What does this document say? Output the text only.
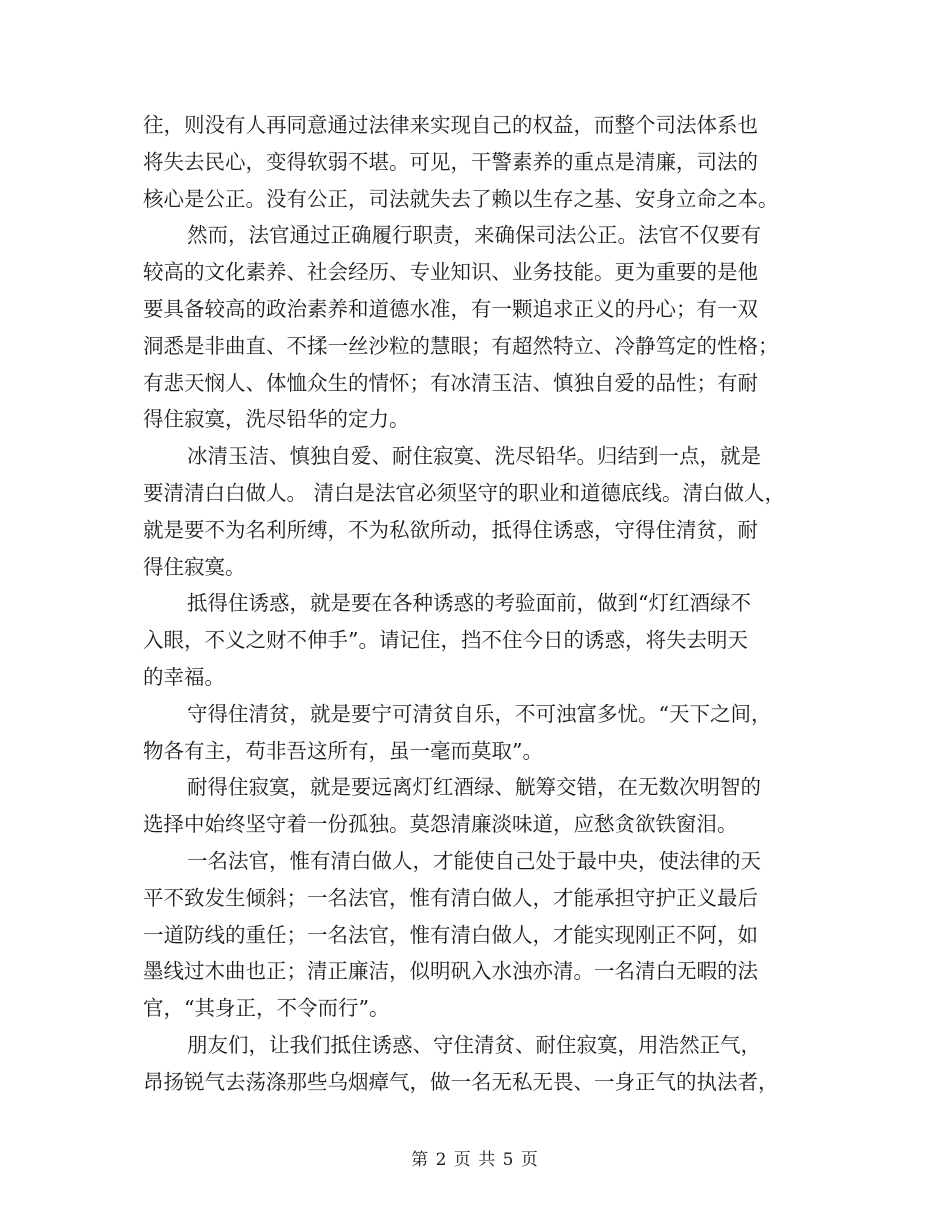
往，则没有人再同意通过法律来实现自己的权益，而整个司法体系也
将失去民心，变得软弱不堪。可见，干警素养的重点是清廉，司法的
核心是公正。没有公正，司法就失去了赖以生存之基、安身立命之本。
然而，法官通过正确履行职责，来确保司法公正。法官不仅要有
较高的文化素养、社会经历、专业知识、业务技能。更为重要的是他
要具备较高的政治素养和道德水准，有一颗追求正义的丹心；有一双
洞悉是非曲直、不揉一丝沙粒的慧眼；有超然特立、冷静笃定的性格；
有悲天悯人、体恤众生的情怀；有冰清玉洁、慎独自爱的品性；有耐
得住寂寞，洗尽铅华的定力。
冰清玉洁、慎独自爱、耐住寂寞、洗尽铅华。归结到一点，就是
要清清白白做人。 清白是法官必须坚守的职业和道德底线。清白做人，
就是要不为名利所缚，不为私欲所动，抵得住诱惑，守得住清贫，耐
得住寂寞。
抵得住诱惑，就是要在各种诱惑的考验面前，做到“灯红酒绿不
入眼，不义之财不伸手”。请记住，挡不住今日的诱惑，将失去明天
的幸福。
守得住清贫，就是要宁可清贫自乐，不可浊富多忧。“天下之间，
物各有主，苟非吾这所有，虽一毫而莫取”。
耐得住寂寞，就是要远离灯红酒绿、觥筹交错，在无数次明智的
选择中始终坚守着一份孤独。莫怨清廉淡味道，应愁贪欲铁窗泪。
一名法官，惟有清白做人，才能使自己处于最中央，使法律的天
平不致发生倾斜；一名法官，惟有清白做人，才能承担守护正义最后
一道防线的重任；一名法官，惟有清白做人，才能实现刚正不阿，如
墨线过木曲也正；清正廉洁，似明矾入水浊亦清。一名清白无暇的法
官，“其身正，不令而行”。
朋友们，让我们抵住诱惑、守住清贫、耐住寂寞，用浩然正气，
昂扬锐气去荡涤那些乌烟瘴气，做一名无私无畏、一身正气的执法者，
第 2 页 共 5 页
